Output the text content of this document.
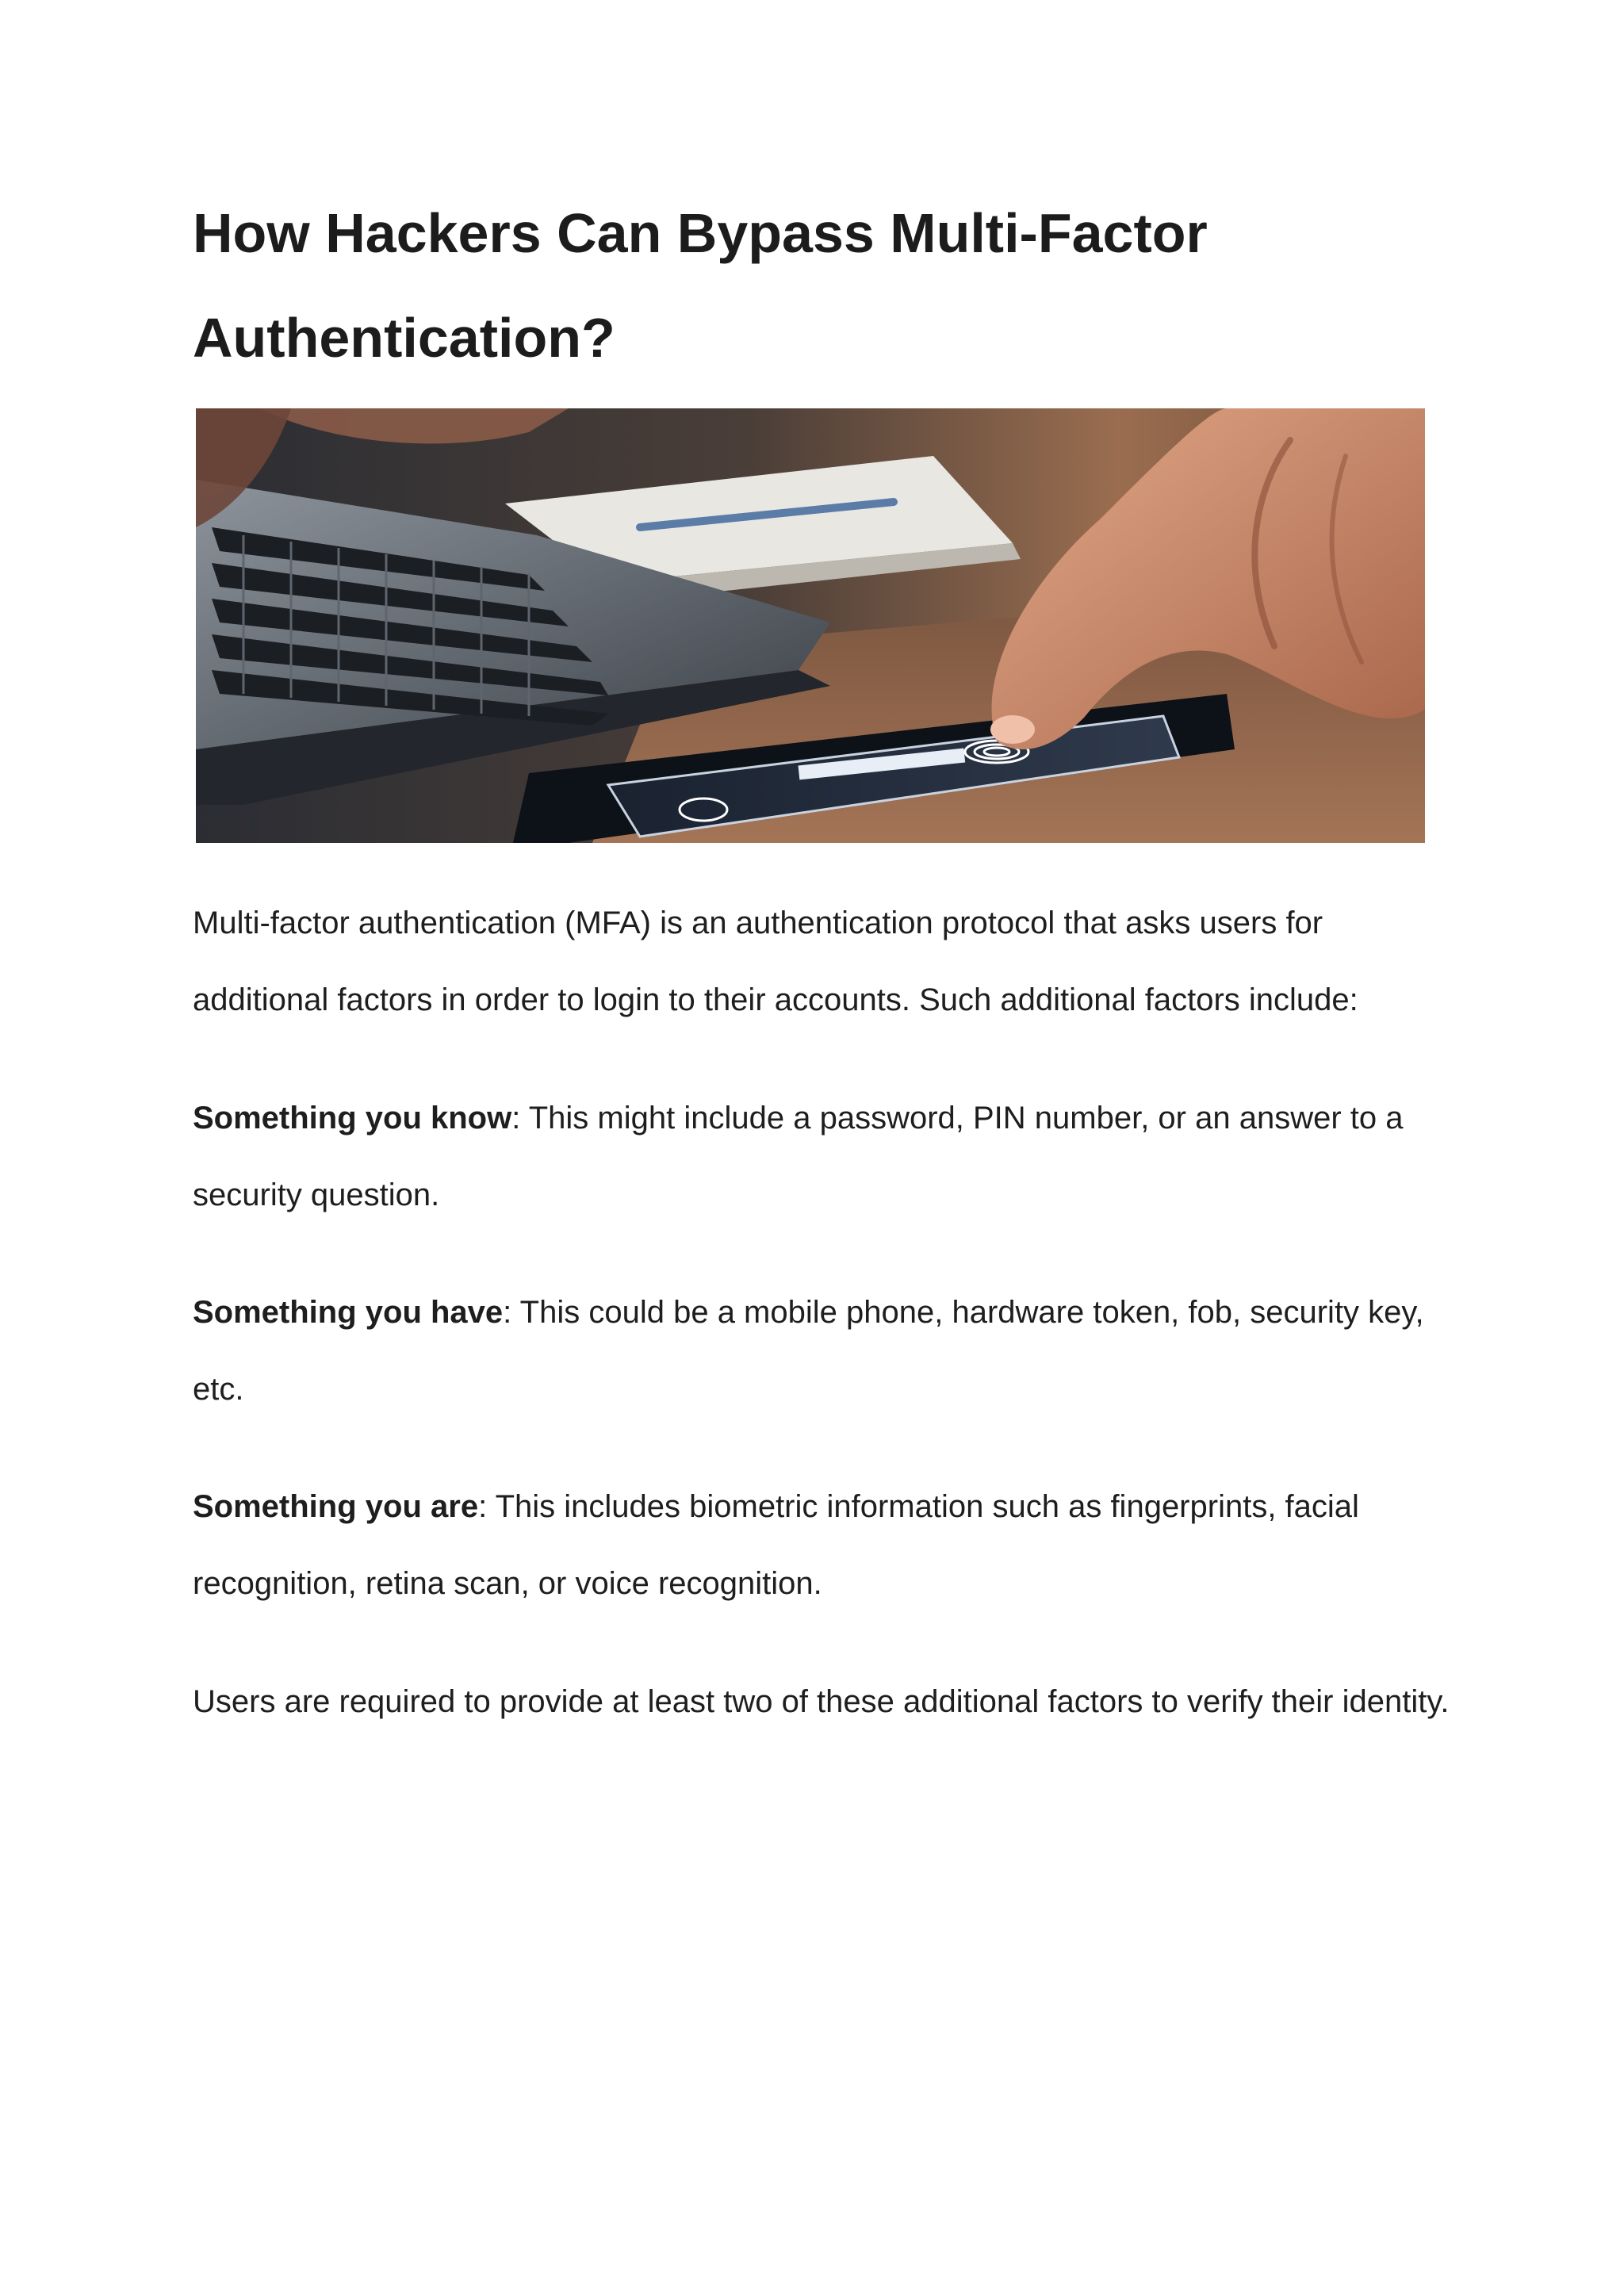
How Hackers Can Bypass Multi-Factor Authentication?

Multi-factor authentication (MFA) is an authentication protocol that asks users for additional factors in order to login to their accounts. Such additional factors include:

Something you know: This might include a password, PIN number, or an answer to a security question.

Something you have: This could be a mobile phone, hardware token, fob, security key, etc.

Something you are: This includes biometric information such as fingerprints, facial recognition, retina scan, or voice recognition.

Users are required to provide at least two of these additional factors to verify their identity.
